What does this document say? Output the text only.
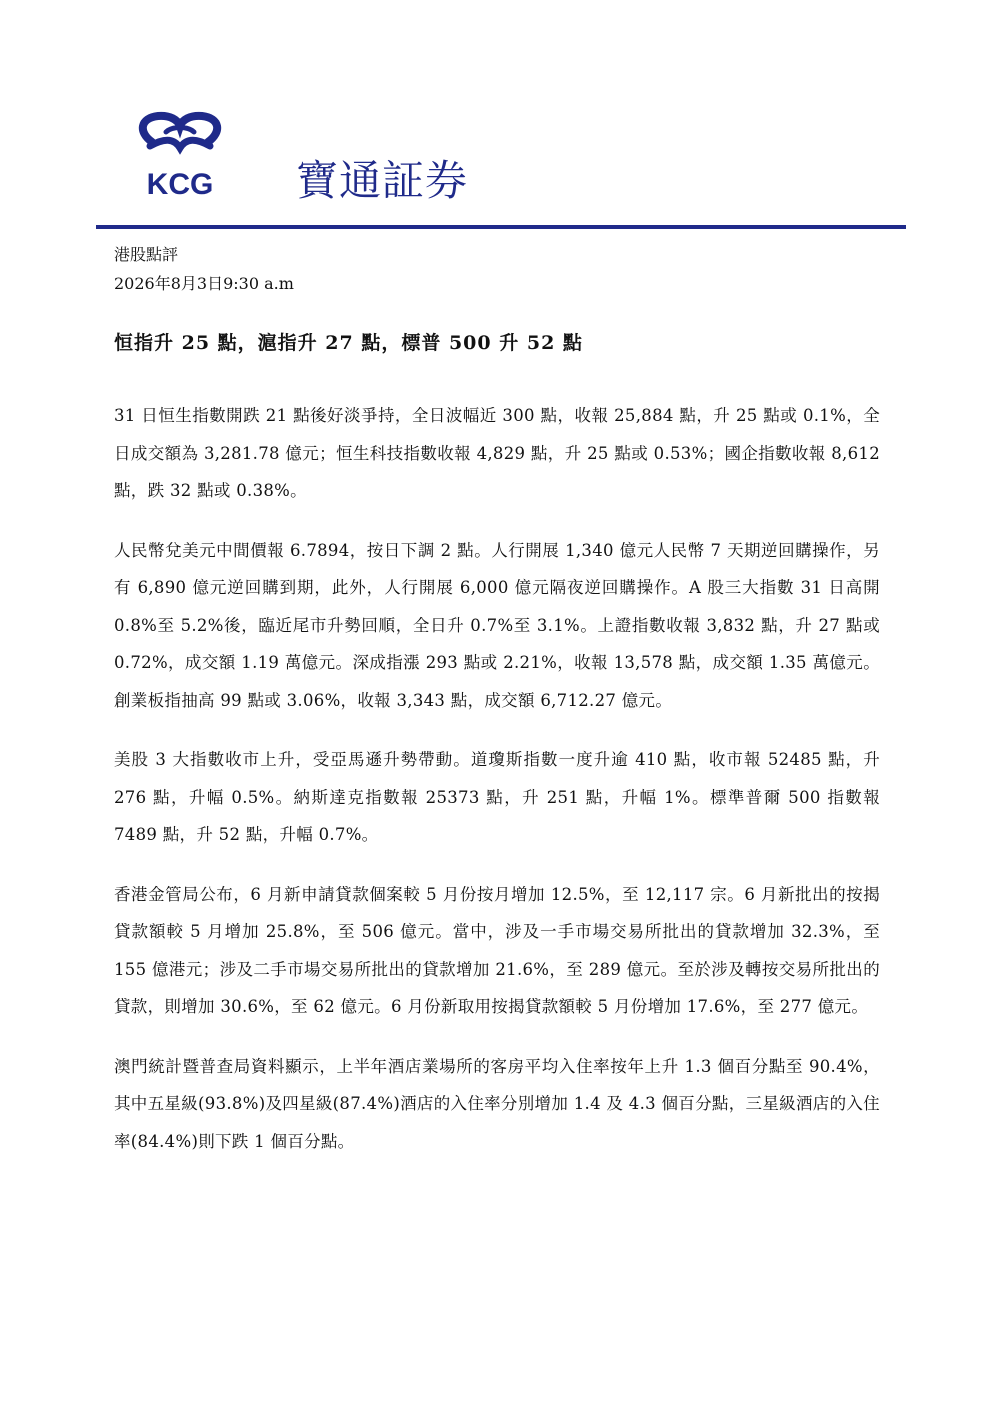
KCG 寶通証券
港股點評
2026年8月3日9:30 a.m
恒指升 25 點，滬指升 27 點，標普 500 升 52 點

31 日恒生指數開跌 21 點後好淡爭持，全日波幅近 300 點，收報 25,884 點，升 25 點或 0.1%，全日成交額為 3,281.78 億元；恒生科技指數收報 4,829 點，升 25 點或 0.53%；國企指數收報 8,612 點，跌 32 點或 0.38%。

人民幣兌美元中間價報 6.7894，按日下調 2 點。人行開展 1,340 億元人民幣 7 天期逆回購操作，另有 6,890 億元逆回購到期，此外，人行開展 6,000 億元隔夜逆回購操作。A 股三大指數 31 日高開 0.8%至 5.2%後，臨近尾市升勢回順，全日升 0.7%至 3.1%。上證指數收報 3,832 點，升 27 點或 0.72%，成交額 1.19 萬億元。深成指漲 293 點或 2.21%，收報 13,578 點，成交額 1.35 萬億元。創業板指抽高 99 點或 3.06%，收報 3,343 點，成交額 6,712.27 億元。

美股 3 大指數收市上升，受亞馬遜升勢帶動。道瓊斯指數一度升逾 410 點，收市報 52485 點，升 276 點，升幅 0.5%。納斯達克指數報 25373 點，升 251 點，升幅 1%。標準普爾 500 指數報 7489 點，升 52 點，升幅 0.7%。

香港金管局公布，6 月新申請貸款個案較 5 月份按月增加 12.5%，至 12,117 宗。6 月新批出的按揭貸款額較 5 月增加 25.8%，至 506 億元。當中，涉及一手市場交易所批出的貸款增加 32.3%，至 155 億港元；涉及二手市場交易所批出的貸款增加 21.6%，至 289 億元。至於涉及轉按交易所批出的貸款，則增加 30.6%，至 62 億元。6 月份新取用按揭貸款額較 5 月份增加 17.6%，至 277 億元。

澳門統計暨普查局資料顯示，上半年酒店業場所的客房平均入住率按年上升 1.3 個百分點至 90.4%，其中五星級(93.8%)及四星級(87.4%)酒店的入住率分別增加 1.4 及 4.3 個百分點，三星級酒店的入住率(84.4%)則下跌 1 個百分點。
